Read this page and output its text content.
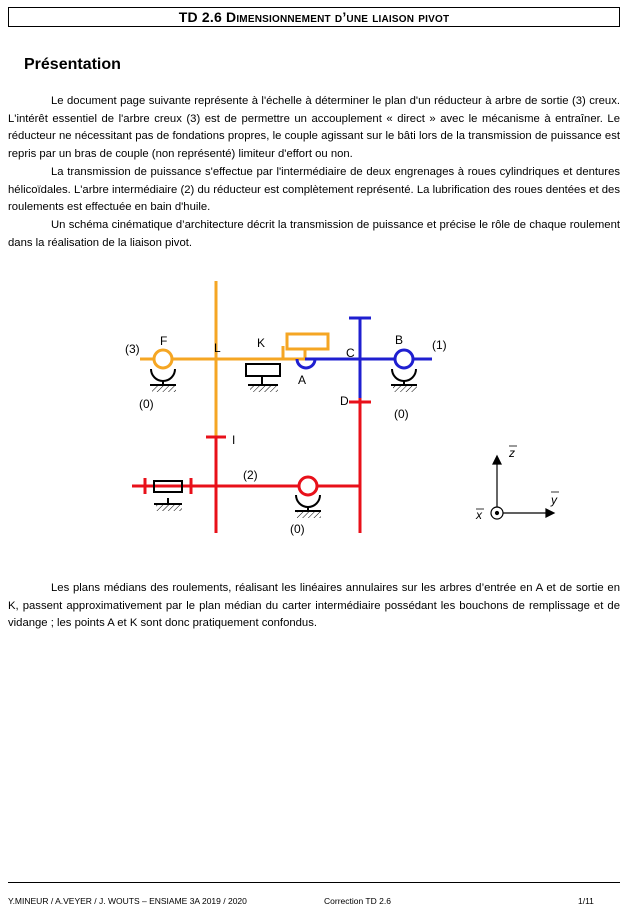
TD 2.6 Dimensionnement d’une liaison pivot
Présentation

Le document page suivante représente à l'échelle à déterminer le plan d'un réducteur à arbre de sortie (3) creux. L'intérêt essentiel de l'arbre creux (3) est de permettre un accouplement « direct » avec le mécanisme à entraîner. Le réducteur ne nécessitant pas de fondations propres, le couple agissant sur le bâti lors de la transmission de puissance est repris par un bras de couple (non représenté) limiteur d'effort ou non.

La transmission de puissance s'effectue par l'intermédiaire de deux engrenages à roues cylindriques et dentures hélicoïdales. L'arbre intermédiaire (2) du réducteur est complètement représenté. La lubrification des roues dentées et des roulements est effectuée en bain d'huile.

Un schéma cinématique d’architecture décrit la transmission de puissance et précise le rôle de chaque roulement dans la réalisation de la liaison pivot.

(3)
F	L	K
A
C
B (1)
(0)	D
(0)
I
(2)
(0)
z
y
x
Les plans médians des roulements, réalisant les linéaires annulaires sur les arbres d’entrée en A et de sortie en K, passent approximativement par le plan médian du carter intermédiaire possédant les bouchons de remplissage et de vidange ; les points A et K sont donc pratiquement confondus.
Y.MINEUR / A.VEYER / J. WOUTS – ENSIAME 3A 2019 / 2020	Correction TD 2.6	1/11
